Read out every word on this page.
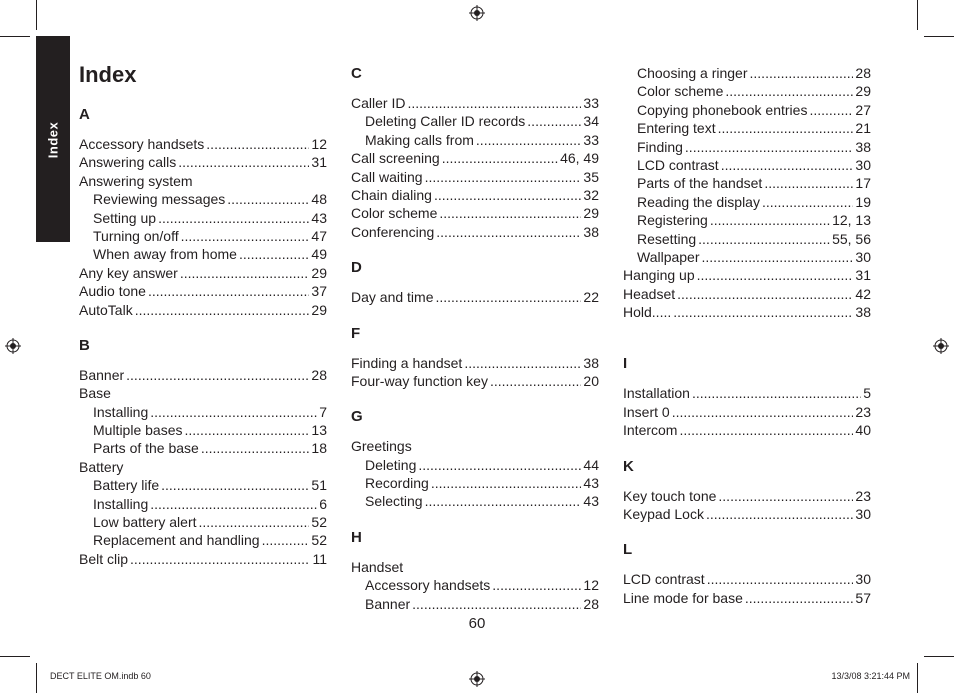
Index
Index
A
Accessory handsets .....	12
Answering calls .....	31
Answering system
Reviewing messages .....	48
Setting up .....	43
Turning on/off .....	47
When away from home .....	49
Any key answer .....	29
Audio tone .....	37
AutoTalk .....	29
B
Banner .....	28
Base
Installing .....	7
Multiple bases .....	13
Parts of the base .....	18
Battery
Battery life .....	51
Installing .....	6
Low battery alert .....	52
Replacement and handling .....	52
Belt clip .....	11
C
Caller ID .....	33
Deleting Caller ID records .....	34
Making calls from .....	33
Call screening .....	46, 49
Call waiting .....	35
Chain dialing .....	32
Color scheme .....	29
Conferencing .....	38
D
Day and time .....	22
F
Finding a handset .....	38
Four-way function key .....	20
G
Greetings
Deleting .....	44
Recording .....	43
Selecting .....	43
H
Handset
Accessory handsets .....	12
Banner .....	28
Choosing a ringer .....	28
Color scheme .....	29
Copying phonebook entries .....	27
Entering text .....	21
Finding .....	38
LCD contrast .....	30
Parts of the handset .....	17
Reading the display .....	19
Registering .....	12, 13
Resetting .....	55, 56
Wallpaper .....	30
Hanging up .....	31
Headset .....	42
Hold..... .....	38
I
Installation .....	5
Insert 0 .....	23
Intercom .....	40
K
Key touch tone .....	23
Keypad Lock .....	30
L
LCD contrast .....	30
Line mode for base .....	57
60
DECT ELITE OM.indb 60	13/3/08 3:21:44 PM
